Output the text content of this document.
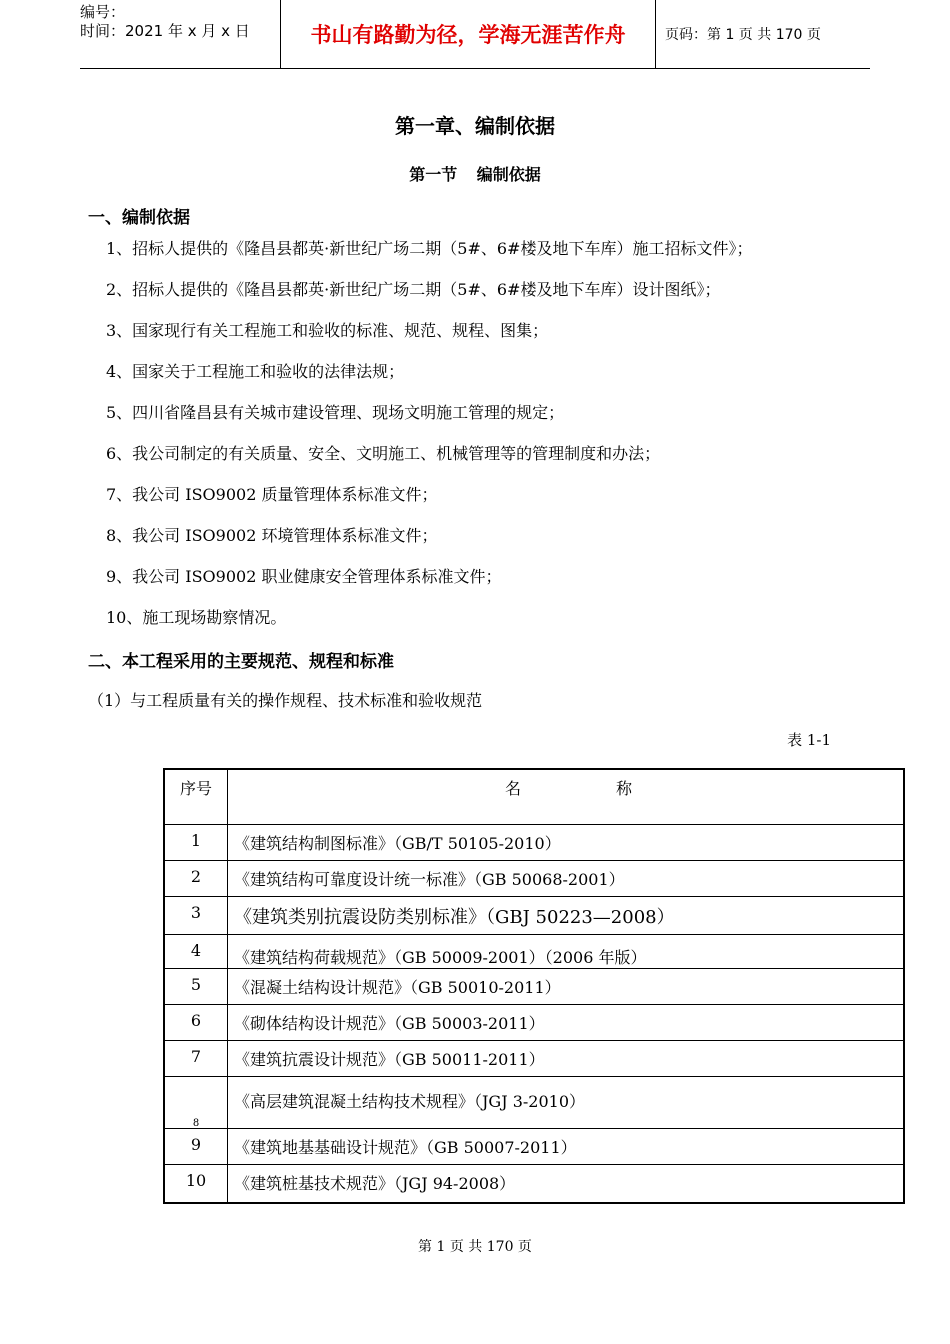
编号：
时间：2021 年 x 月 x 日	书山有路勤为径，学海无涯苦作舟	页码：第 1 页 共 170 页
第一章、编制依据
第一节 编制依据
一、编制依据
1、招标人提供的《隆昌县都英·新世纪广场二期（5#、6#楼及地下车库）施工招标文件》；
2、招标人提供的《隆昌县都英·新世纪广场二期（5#、6#楼及地下车库）设计图纸》；
3、国家现行有关工程施工和验收的标准、规范、规程、图集；
4、国家关于工程施工和验收的法律法规；
5、四川省隆昌县有关城市建设管理、现场文明施工管理的规定；
6、我公司制定的有关质量、安全、文明施工、机械管理等的管理制度和办法；
7、我公司 ISO9002 质量管理体系标准文件；
8、我公司 ISO9002 环境管理体系标准文件；
9、我公司 ISO9002 职业健康安全管理体系标准文件；
10、施工现场勘察情况。
二、本工程采用的主要规范、规程和标准
（1）与工程质量有关的操作规程、技术标准和验收规范
表 1-1
序号	名 称
1	《建筑结构制图标准》（GB/T 50105-2010）
2	《建筑结构可靠度设计统一标准》（GB 50068-2001）
3	《建筑类别抗震设防类别标准》（GBJ 50223—2008）
4	《建筑结构荷载规范》（GB 50009-2001）（2006 年版）
5	《混凝土结构设计规范》（GB 50010-2011）
6	《砌体结构设计规范》（GB 50003-2011）
7	《建筑抗震设计规范》（GB 50011-2011）
8	《高层建筑混凝土结构技术规程》（JGJ 3-2010）
9	《建筑地基基础设计规范》（GB 50007-2011）
10	《建筑桩基技术规范》（JGJ 94-2008）
第 1 页 共 170 页
